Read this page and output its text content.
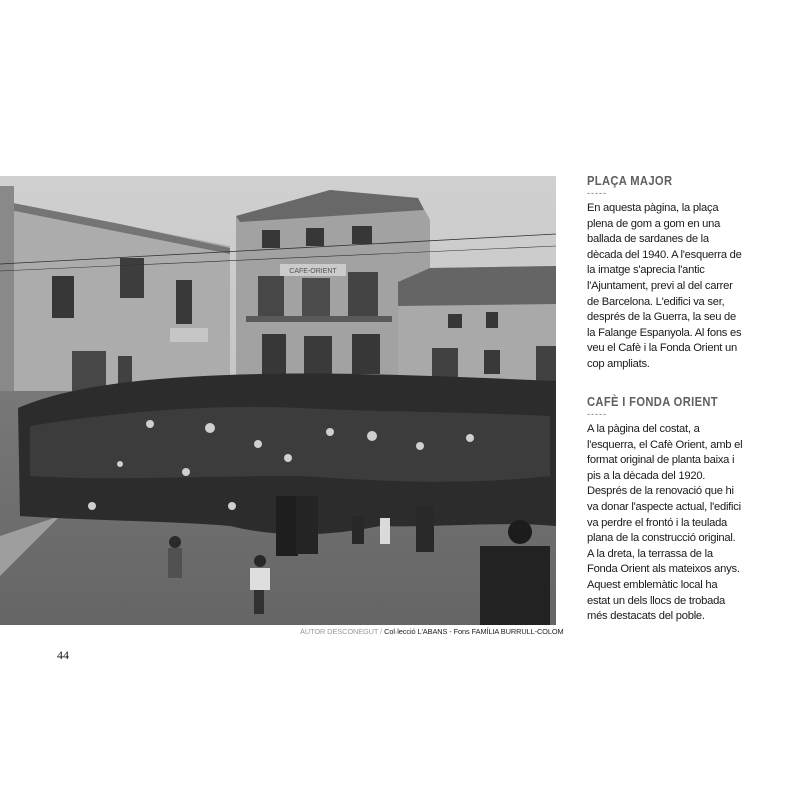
CAFE-ORIENT
AUTOR DESCONEGUT / Col·lecció L'ABANS - Fons FAMÍLIA BURRULL-COLOM
44
PLAÇA MAJOR
-----

En aquesta pàgina, la plaça plena de gom a gom en una ballada de sardanes de la dècada del 1940. A l'esquerra de la imatge s'aprecia l'antic l'Ajuntament, previ al del carrer de Barcelona. L'edifici va ser, després de la Guerra, la seu de la Falange Espanyola. Al fons es veu el Cafè i la Fonda Orient un cop ampliats.

CAFÈ I FONDA ORIENT
-----

A la pàgina del costat, a l'esquerra, el Cafè Orient, amb el format original de planta baixa i pis a la dècada del 1920. Després de la renovació que hi va donar l'aspecte actual, l'edifici va perdre el frontó i la teulada plana de la construcció original. A la dreta, la terrassa de la Fonda Orient als mateixos anys. Aquest emblemàtic local ha estat un dels llocs de trobada més destacats del poble.
